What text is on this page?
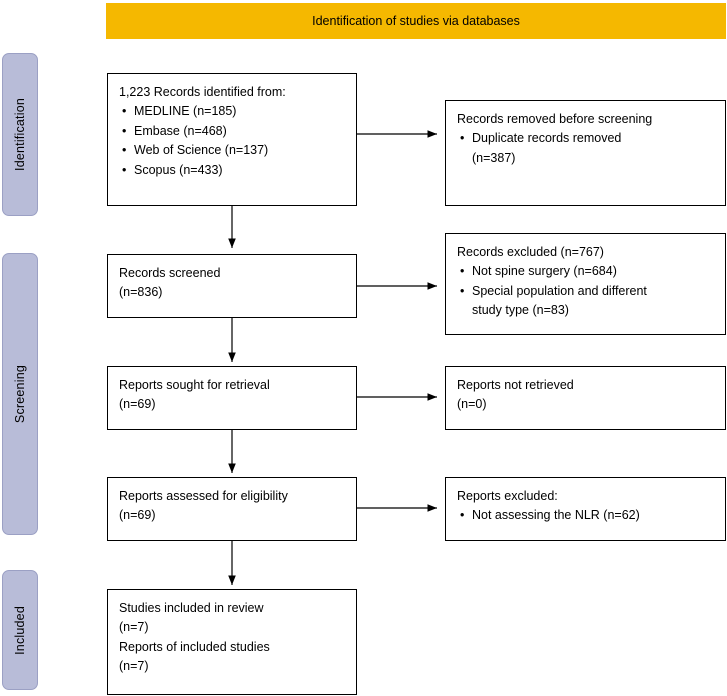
Identification of studies via databases
Identification
Screening
Included
1,223 Records identified from:
• MEDLINE (n=185)
• Embase (n=468)
• Web of Science (n=137)
• Scopus (n=433)
Records removed before screening
• Duplicate records removed
(n=387)
Records screened
(n=836)
Records excluded (n=767)
• Not spine surgery (n=684)
• Special population and different
study type (n=83)
Reports sought for retrieval
(n=69)
Reports not retrieved
(n=0)
Reports assessed for eligibility
(n=69)
Reports excluded:
• Not assessing the NLR (n=62)
Studies included in review
(n=7)
Reports of included studies
(n=7)
